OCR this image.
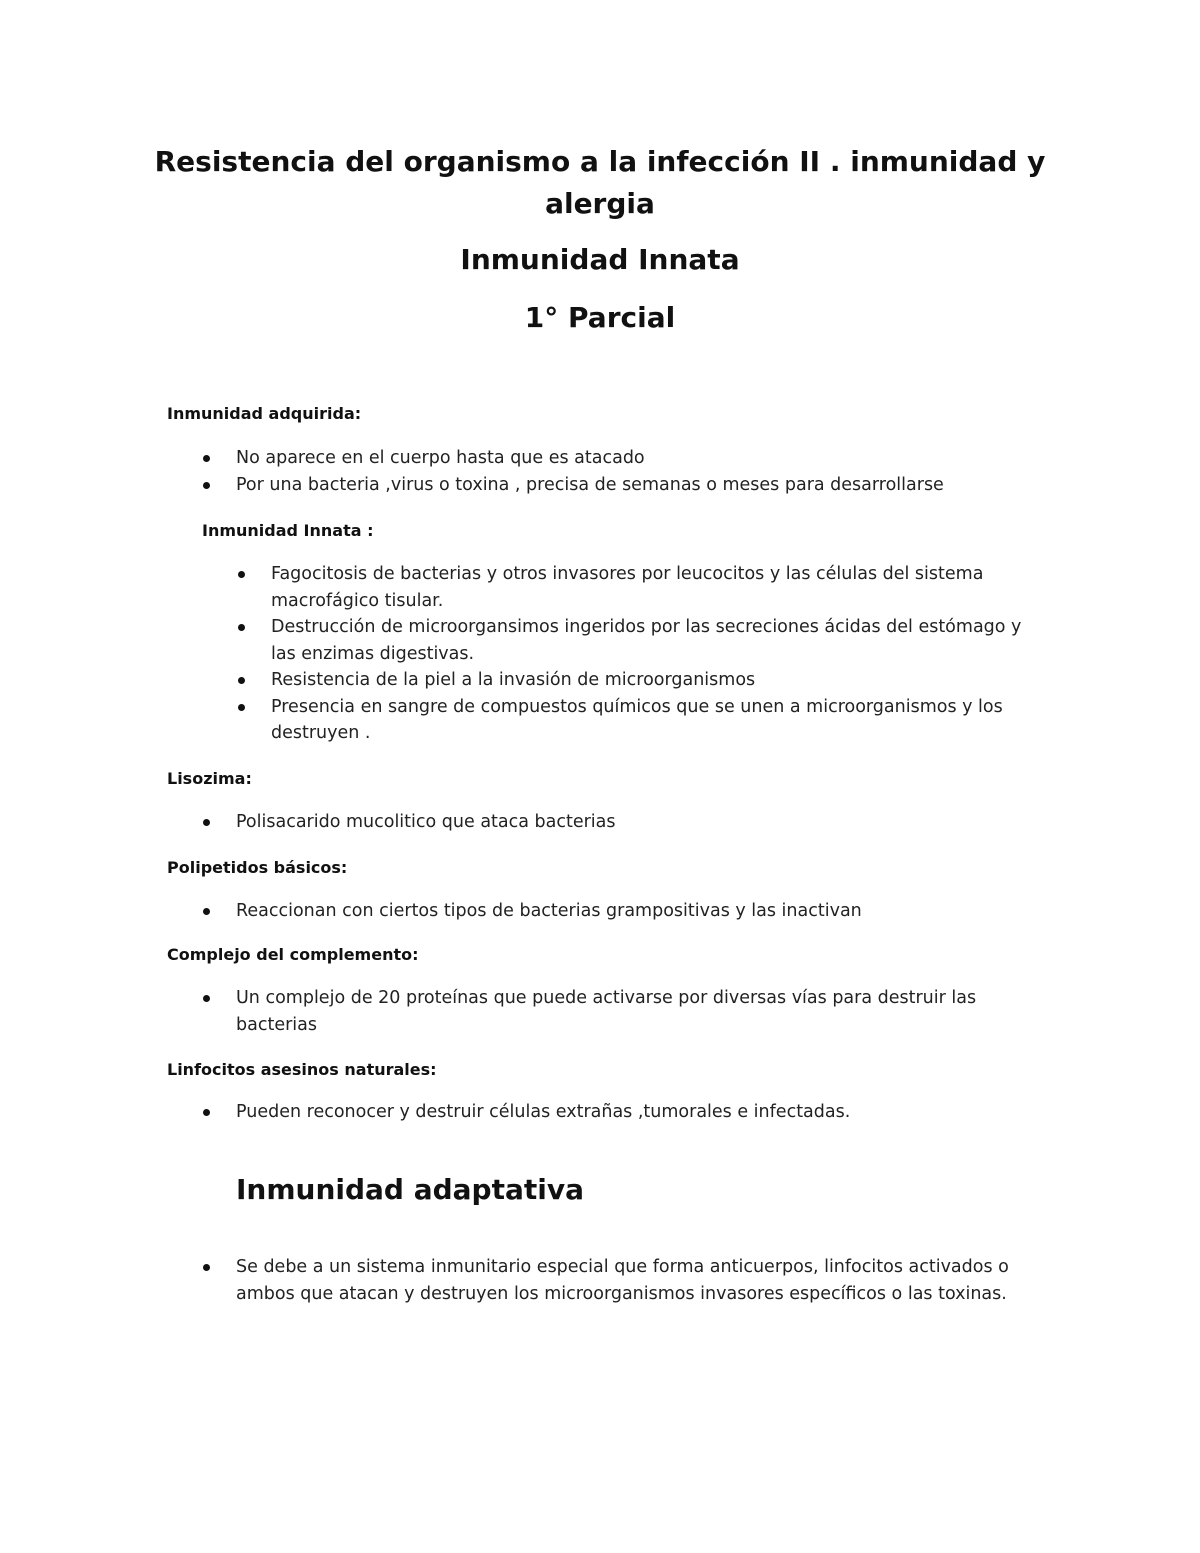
Resistencia del organismo a la infección II . inmunidad y
alergia
Inmunidad Innata
1° Parcial

Inmunidad adquirida:

No aparece en el cuerpo hasta que es atacado
Por una bacteria ,virus o toxina , precisa de semanas o meses para desarrollarse

Inmunidad Innata :

Fagocitosis de bacterias y otros invasores por leucocitos y las células del sistema macrofágico tisular.
Destrucción de microorgansimos ingeridos por las secreciones ácidas del estómago y las enzimas digestivas.
Resistencia de la piel a la invasión de microorganismos
Presencia en sangre de compuestos químicos que se unen a microorganismos y los destruyen .

Lisozima:

Polisacarido mucolitico que ataca bacterias

Polipetidos básicos:

Reaccionan con ciertos tipos de bacterias grampositivas y las inactivan

Complejo del complemento:

Un complejo de 20 proteínas que puede activarse por diversas vías para destruir las bacterias

Linfocitos asesinos naturales:

Pueden reconocer y destruir células extrañas ,tumorales e infectadas.
Inmunidad adaptativa
Se debe a un sistema inmunitario especial que forma anticuerpos, linfocitos activados o ambos que atacan y destruyen los microorganismos invasores específicos o las toxinas.
